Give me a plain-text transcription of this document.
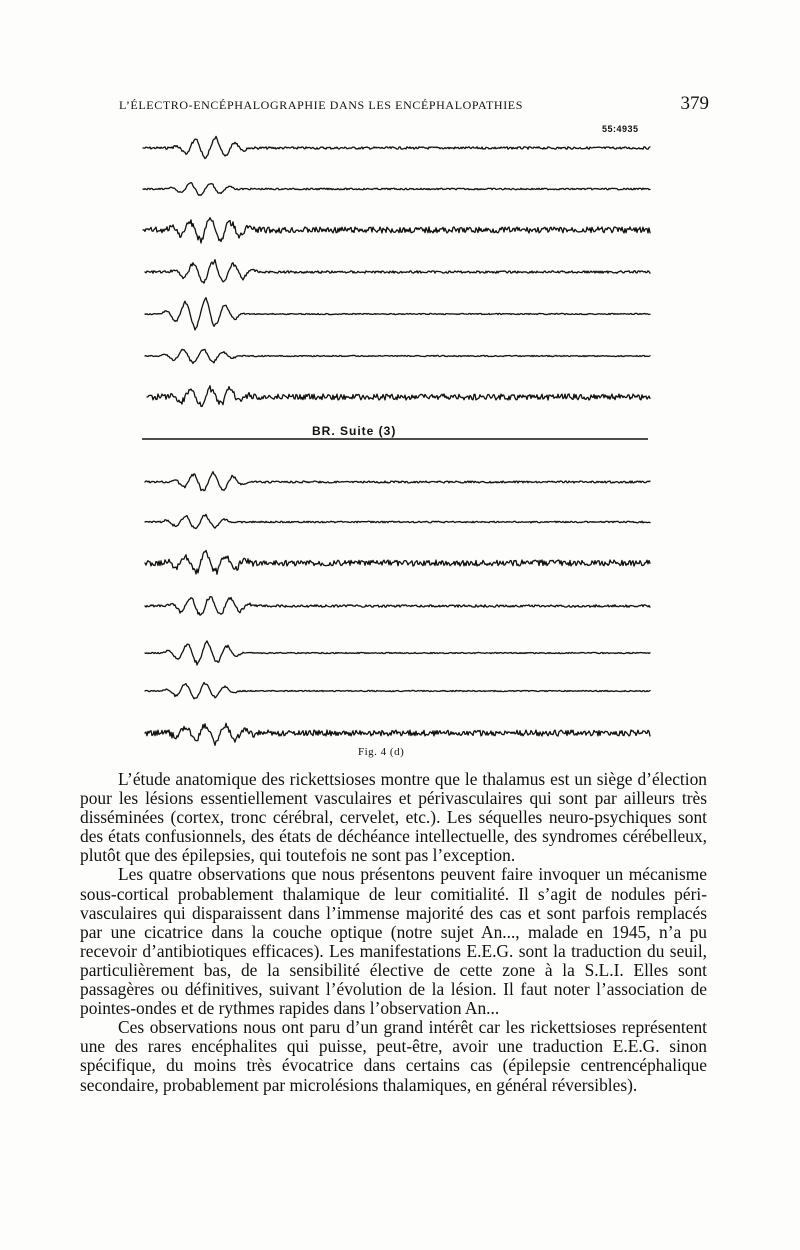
L’ÉLECTRO-ENCÉPHALOGRAPHIE DANS LES ENCÉPHALOPATHIES	379
55:4935
BR. Suite (3)
Fig. 4 (d)

L’étude anatomique des rickettsioses montre que le thalamus est un siège d’élection pour les lésions essentiellement vasculaires et périvasculaires qui sont par ailleurs très disséminées (cortex, tronc cérébral, cervelet, etc.). Les séquelles neuro-psychiques sont des états confusionnels, des états de déchéance intellectuelle, des syndromes cérébelleux, plutôt que des épilepsies, qui toutefois ne sont pas l’exception.

Les quatre observations que nous présentons peuvent faire invoquer un mécanisme sous-cortical probablement thalamique de leur comitialité. Il s’agit de nodules péri-vasculaires qui disparaissent dans l’immense majorité des cas et sont parfois remplacés par une cicatrice dans la couche optique (notre sujet An..., malade en 1945, n’a pu recevoir d’antibiotiques efficaces). Les manifestations E.E.G. sont la traduction du seuil, particulièrement bas, de la sensibilité élective de cette zone à la S.L.I. Elles sont passagères ou définitives, suivant l’évolution de la lésion. Il faut noter l’association de pointes-ondes et de rythmes rapides dans l’observation An...

Ces observations nous ont paru d’un grand intérêt car les rickettsioses représentent une des rares encéphalites qui puisse, peut-être, avoir une traduction E.E.G. sinon spécifique, du moins très évocatrice dans certains cas (épilepsie centrencéphalique secondaire, probablement par microlésions thalamiques, en général réversibles).
